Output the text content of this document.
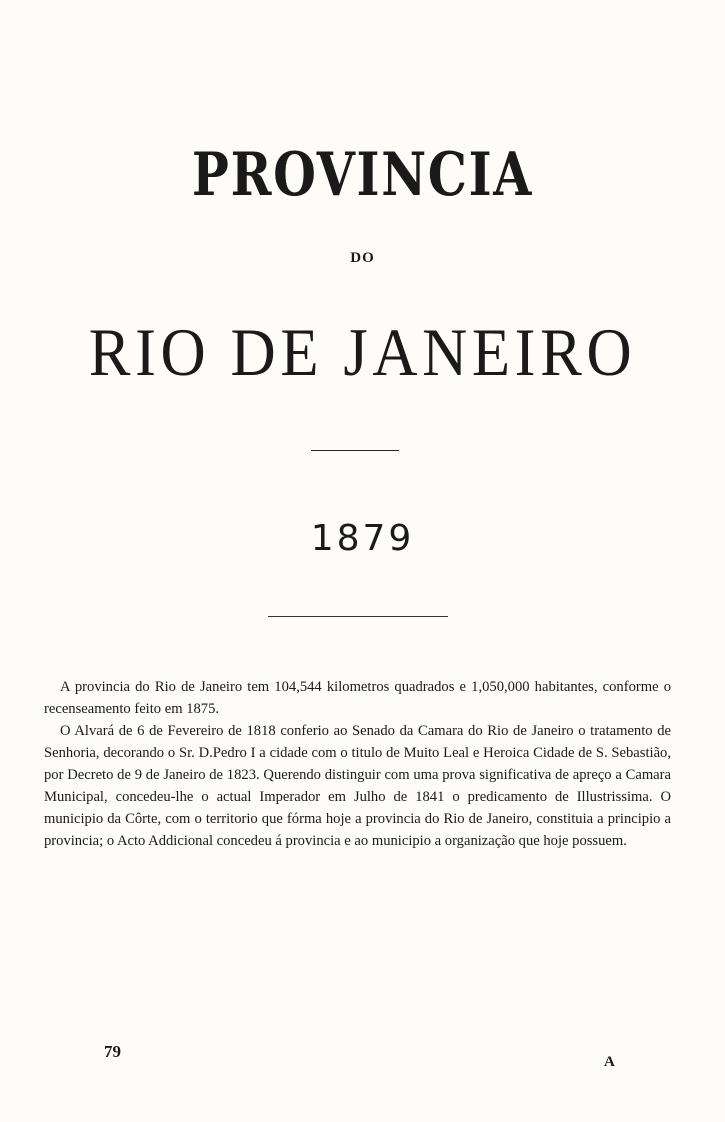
PROVINCIA
DO
RIO DE JANEIRO
1879

A provincia do Rio de Janeiro tem 104,544 kilometros quadrados e 1,050,000 habitantes, conforme o recenseamento feito em 1875.

O Alvará de 6 de Fevereiro de 1818 conferio ao Senado da Camara do Rio de Janeiro o tratamento de Senhoria, decorando o Sr. D.Pedro I a cidade com o titulo de Muito Leal e Heroica Cidade de S. Sebastião, por Decreto de 9 de Janeiro de 1823. Querendo distinguir com uma prova significativa de apreço a Camara Municipal, concedeu-lhe o actual Imperador em Julho de 1841 o predicamento de Illustrissima. O municipio da Côrte, com o territorio que fórma hoje a provincia do Rio de Janeiro, constituia a principio a provincia; o Acto Addicional concedeu á provincia e ao municipio a organização que hoje possuem.

79
A
